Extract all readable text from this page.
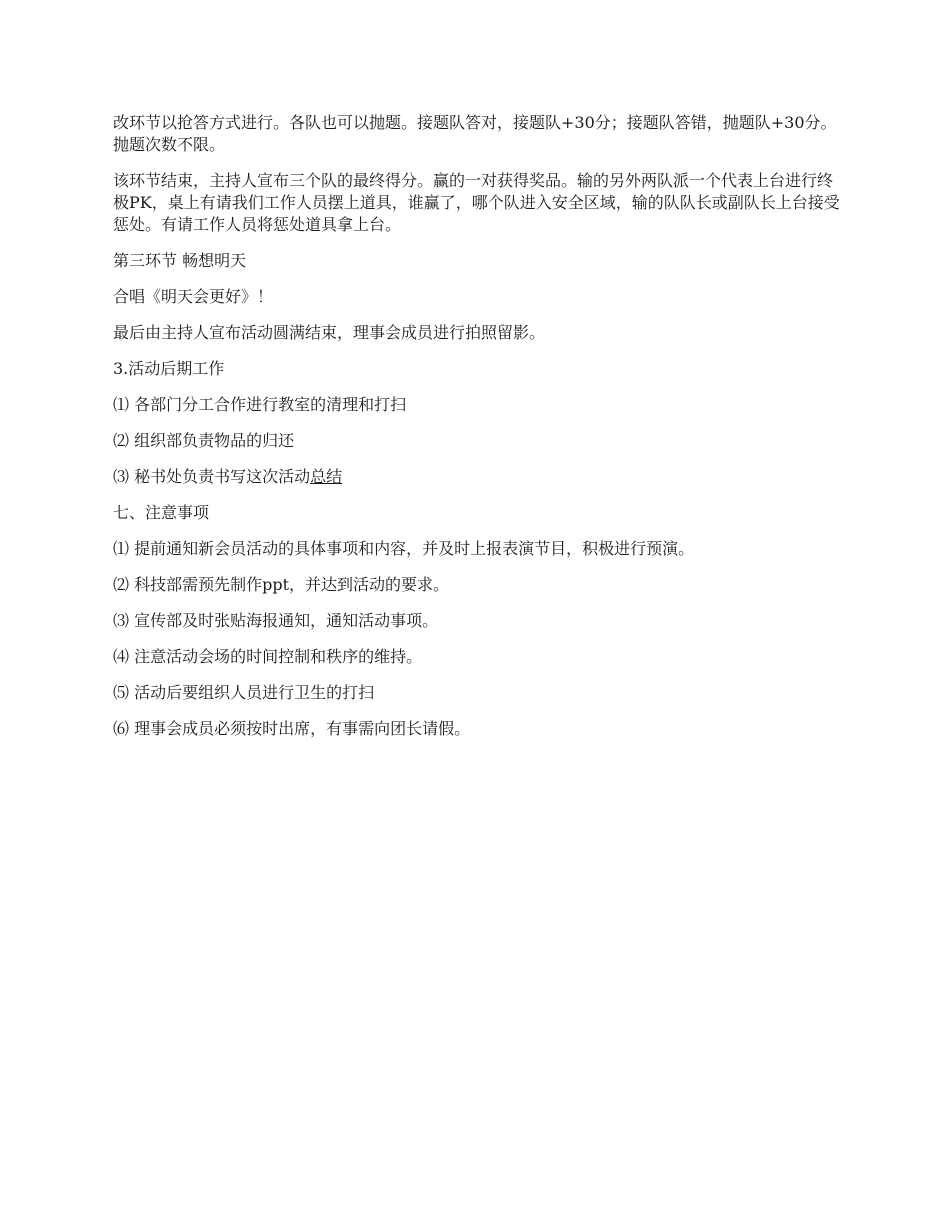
改环节以抢答方式进行。各队也可以抛题。接题队答对，接题队+30分；接题队答错，抛题队+30分。抛题次数不限。

该环节结束，主持人宣布三个队的最终得分。赢的一对获得奖品。输的另外两队派一个代表上台进行终极PK，桌上有请我们工作人员摆上道具，谁赢了，哪个队进入安全区域，输的队队长或副队长上台接受惩处。有请工作人员将惩处道具拿上台。

第三环节 畅想明天

合唱《明天会更好》！

最后由主持人宣布活动圆满结束，理事会成员进行拍照留影。

3.活动后期工作

⑴ 各部门分工合作进行教室的清理和打扫

⑵ 组织部负责物品的归还

⑶ 秘书处负责书写这次活动总结

七、注意事项

⑴ 提前通知新会员活动的具体事项和内容，并及时上报表演节目，积极进行预演。

⑵ 科技部需预先制作ppt，并达到活动的要求。

⑶ 宣传部及时张贴海报通知，通知活动事项。

⑷ 注意活动会场的时间控制和秩序的维持。

⑸ 活动后要组织人员进行卫生的打扫

⑹ 理事会成员必须按时出席，有事需向团长请假。
